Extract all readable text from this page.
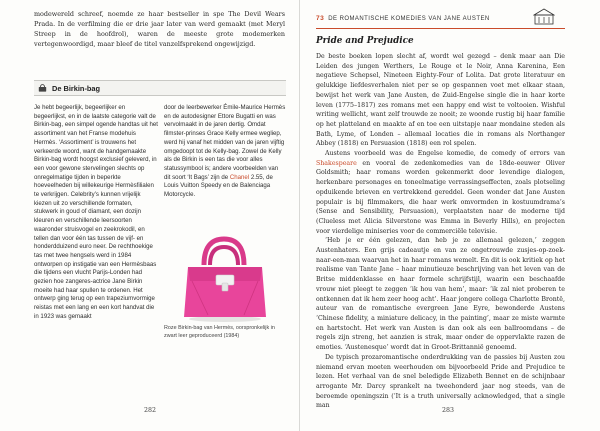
modewereld schreef, noemde ze haar bestseller in spe The Devil Wears Prada. In de verfilming die er drie jaar later van werd gemaakt (met Meryl Streep in de hoofdrol), waren de meeste grote modemerken vertegenwoordigd, maar bleef de titel vanzelfsprekend ongewijzigd.
De Birkin-bag

Je hebt begeerlijk, begeerlijker en begeerlijkst, en in de laatste categorie valt de Birkin-bag, een simpel ogende handtas uit het assortiment van het Franse modehuis Hermès. ‘Assortiment’ is trouwens het verkeerde woord, want de handgemaakte Birkin-bag wordt hoogst exclusief geleverd, in een voor gewone stervelingen slechts op onregelmatige tijden in beperkte hoeveelheden bij willekeurige Hermèsfilialen te verkrijgen. Celebrity’s kunnen vrijelijk kiezen uit zo verschillende formaten, stukwerk in goud of diamant, een dozijn kleuren en verschillende leersoorten waaronder struisvogel en zeekrokodil, en tellen dan voor één tas tussen de vijf- en honderdduizend euro neer. De rechthoekige tas met twee hengsels werd in 1984 ontworpen op instigatie van een Hermèsbaas die tijdens een vlucht Parijs-Londen had gezien hoe zangeres-actrice Jane Birkin moeite had haar spullen te ordenen. Het ontwerp ging terug op een trapeziumvormige reistas met een lang en een kort handvat die in 1923 was gemaakt

door de leerbewerker Émile-Maurice Hermès en de autodesigner Ettore Bugatti en was vervolmaakt in de jaren dertig. Omdat filmster-prinses Grace Kelly ermee wegliep, werd hij vanaf het midden van de jaren vijftig omgedoopt tot de Kelly-bag. Zowel de Kelly als de Birkin is een tas die voor alles statussymbool is; andere voorbeelden van dit soort ‘It Bags’ zijn de Chanel 2.55, de Louis Vuitton Speedy en de Balenciaga Motorcycle.

Roze Birkin-bag van Hermès, oorspronkelijk in zwart leer geproduceerd (1984)
282
73 DE ROMANTISCHE KOMEDIES VAN JANE AUSTEN
Pride and Prejudice

De beste boeken lopen slecht af, wordt wel gezegd – denk maar aan Die Leiden des jungen Werthers, Le Rouge et le Noir, Anna Karenina, Een negatieve Schepsel, Nineteen Eighty-Four of Lolita. Dat grote literatuur en gelukkige liefdesverhalen niet per se op gespannen voet met elkaar staan, bewijst het werk van Jane Austen, de Zuid-Engelse single die in haar korte leven (1775–1817) zes romans met een happy end wist te voltooien. Wishful writing wellicht, want zelf trouwde ze nooit; ze woonde rustig bij haar familie op het platteland en maakte af en toe een uitstapje naar mondaine steden als Bath, Lyme, of Londen – allemaal locaties die in romans als Northanger Abbey (1818) en Persuasion (1818) een rol spelen.

Austens voorbeeld was de Engelse komedie, de comedy of errors van Shakespeare en vooral de zedenkomedies van de 18de-eeuwer Oliver Goldsmith; haar romans worden gekenmerkt door levendige dialogen, herkenbare personages en toneelmatige verrassingseffecten, zoals plotseling opduikende brieven en vertrekkend gereddel. Geen wonder dat Jane Austen populair is bij filmmakers, die haar werk omvormden in kostuumdrama’s (Sense and Sensibility, Persuasion), verplaatsten naar de moderne tijd (Clueless met Alicia Silverstone was Emma in Beverly Hills), en projecten voor vierdelige miniseries voor de commerciële televisie.

‘Heb je er één gelezen, dan heb je ze allemaal gelezen,’ zeggen Austenhaters. Een grijs cadeautje en van ze ongetrouwde zusjes-op-zoek-naar-een-man waarvan het in haar romans wemelt. En dit is ook kritiek op het realisme van Tante Jane – haar minutieuze beschrijving van het leven van de Britse middenklasse en haar formele schrijfstijl, waarin een beschaafde vrouw niet pleegt te zeggen ‘ik hou van hem’, maar: ‘ik zal niet proberen te ontkennen dat ik hem zeer hoog acht’. Haar jongere collega Charlotte Brontë, auteur van de romantische evergreen Jane Eyre, bewonderde Austens ‘Chinese fidelity, a miniature delicacy, in the painting’, maar ze miste warmte en hartstocht. Het werk van Austen is dan ook als een ballroomdans – de regels zijn streng, het aanzien is strak, maar onder de oppervlakte razen de emoties. ‘Austenesque’ wordt dat in Groot-Brittannië genoemd.

De typisch prozaromantische onderdrukking van de passies bij Austen zou niemand ervan moeten weerhouden om bijvoorbeeld Pride and Prejudice te lezen. Het verhaal van de snel beledigde Elizabeth Bennet en de schijnbaar arrogante Mr. Darcy sprankelt na tweehonderd jaar nog steeds, van de beroemde openingszin (‘It is a truth universally acknowledged, that a single man

283
